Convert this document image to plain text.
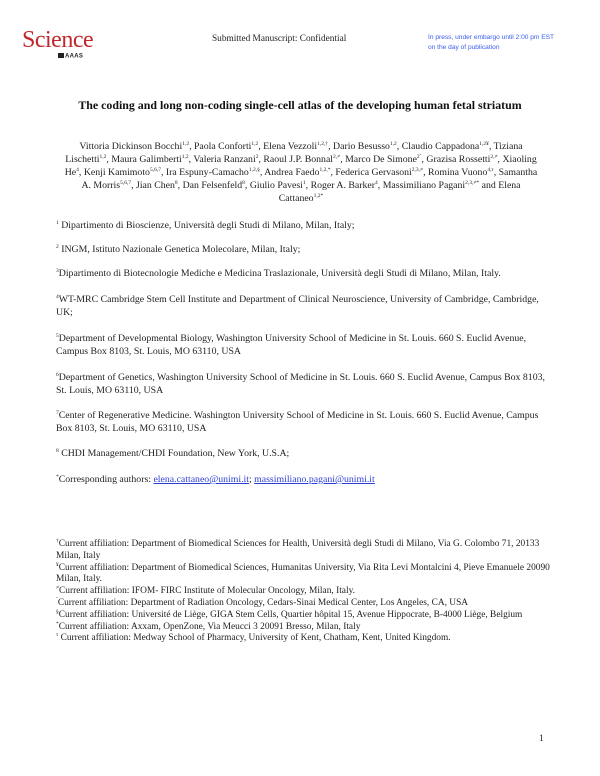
Science
AAAS
Submitted Manuscript: Confidential	In press, under embargo until 2:00 pm EST
on the day of publication
The coding and long non-coding single-cell atlas of the developing human fetal striatum
Vittoria Dickinson Bocchi$^{1,2}$, Paola Conforti$^{1,2}$, Elena Vezzoli$^{1,2,\dagger}$, Dario Besusso$^{1,2}$, Claudio Cappadona$^{1,2¥}$, Tiziana Lischetti$^{1,2}$, Maura Galimberti$^{1,2}$, Valeria Ranzani$^2$, Raoul J.P. Bonnal$^{2,\ne}$, Marco De Simone$^{2ˆ}$, Grazisa Rossetti$^{2,\ne}$, Xiaoling He$^4$, Kenji Kamimoto$^{5,6,7}$, Ira Espuny-Camacho$^{1,2,\S}$, Andrea Faedo$^{1,2,*}$, Federica Gervasoni$^{2,3,\ne}$, Romina Vuono$^{4,\tau}$, Samantha A. Morris$^{5,6,7}$, Jian Chen$^8$, Dan Felsenfeld$^8$, Giulio Pavesi$^1$, Roger A. Barker$^4$, Massimiliano Pagani$^{2,3,\ne*}$ and Elena Cattaneo$^{1,2*}$
$^1$ Dipartimento di Bioscienze, Università degli Studi di Milano, Milan, Italy;
$^2$ INGM, Istituto Nazionale Genetica Molecolare, Milan, Italy;
$^3$Dipartimento di Biotecnologie Mediche e Medicina Traslazionale, Università degli Studi di Milano, Milan, Italy.
$^4$WT-MRC Cambridge Stem Cell Institute and Department of Clinical Neuroscience, University of Cambridge, Cambridge, UK;
$^5$Department of Developmental Biology, Washington University School of Medicine in St. Louis. 660 S. Euclid Avenue, Campus Box 8103, St. Louis, MO 63110, USA
$^6$Department of Genetics, Washington University School of Medicine in St. Louis. 660 S. Euclid Avenue, Campus Box 8103, St. Louis, MO 63110, USA
$^7$Center of Regenerative Medicine. Washington University School of Medicine in St. Louis. 660 S. Euclid Avenue, Campus Box 8103, St. Louis, MO 63110, USA
$^8$ CHDI Management/CHDI Foundation, New York, U.S.A;
*Corresponding authors: elena.cattaneo@unimi.it; massimiliano.pagani@unimi.it

†Current affiliation: Department of Biomedical Sciences for Health, Università degli Studi di Milano, Via G. Colombo 71, 20133 Milan, Italy

¥Current affiliation: Department of Biomedical Sciences, Humanitas University, Via Rita Levi Montalcini 4, Pieve Emanuele 20090 Milan, Italy.

≠Current affiliation: IFOM- FIRC Institute of Molecular Oncology, Milan, Italy.

$^ˆ$Current affiliation: Department of Radiation Oncology, Cedars-Sinai Medical Center, Los Angeles, CA, USA

§Current affiliation: Université de Liège, GIGA Stem Cells, Quartier hôpital 15, Avenue Hippocrate, B-4000 Liège, Belgium

*Current affiliation: Axxam, OpenZone, Via Meucci 3 20091 Bresso, Milan, Italy

$^\tau$ Current affiliation: Medway School of Pharmacy, University of Kent, Chatham, Kent, United Kingdom.

1
